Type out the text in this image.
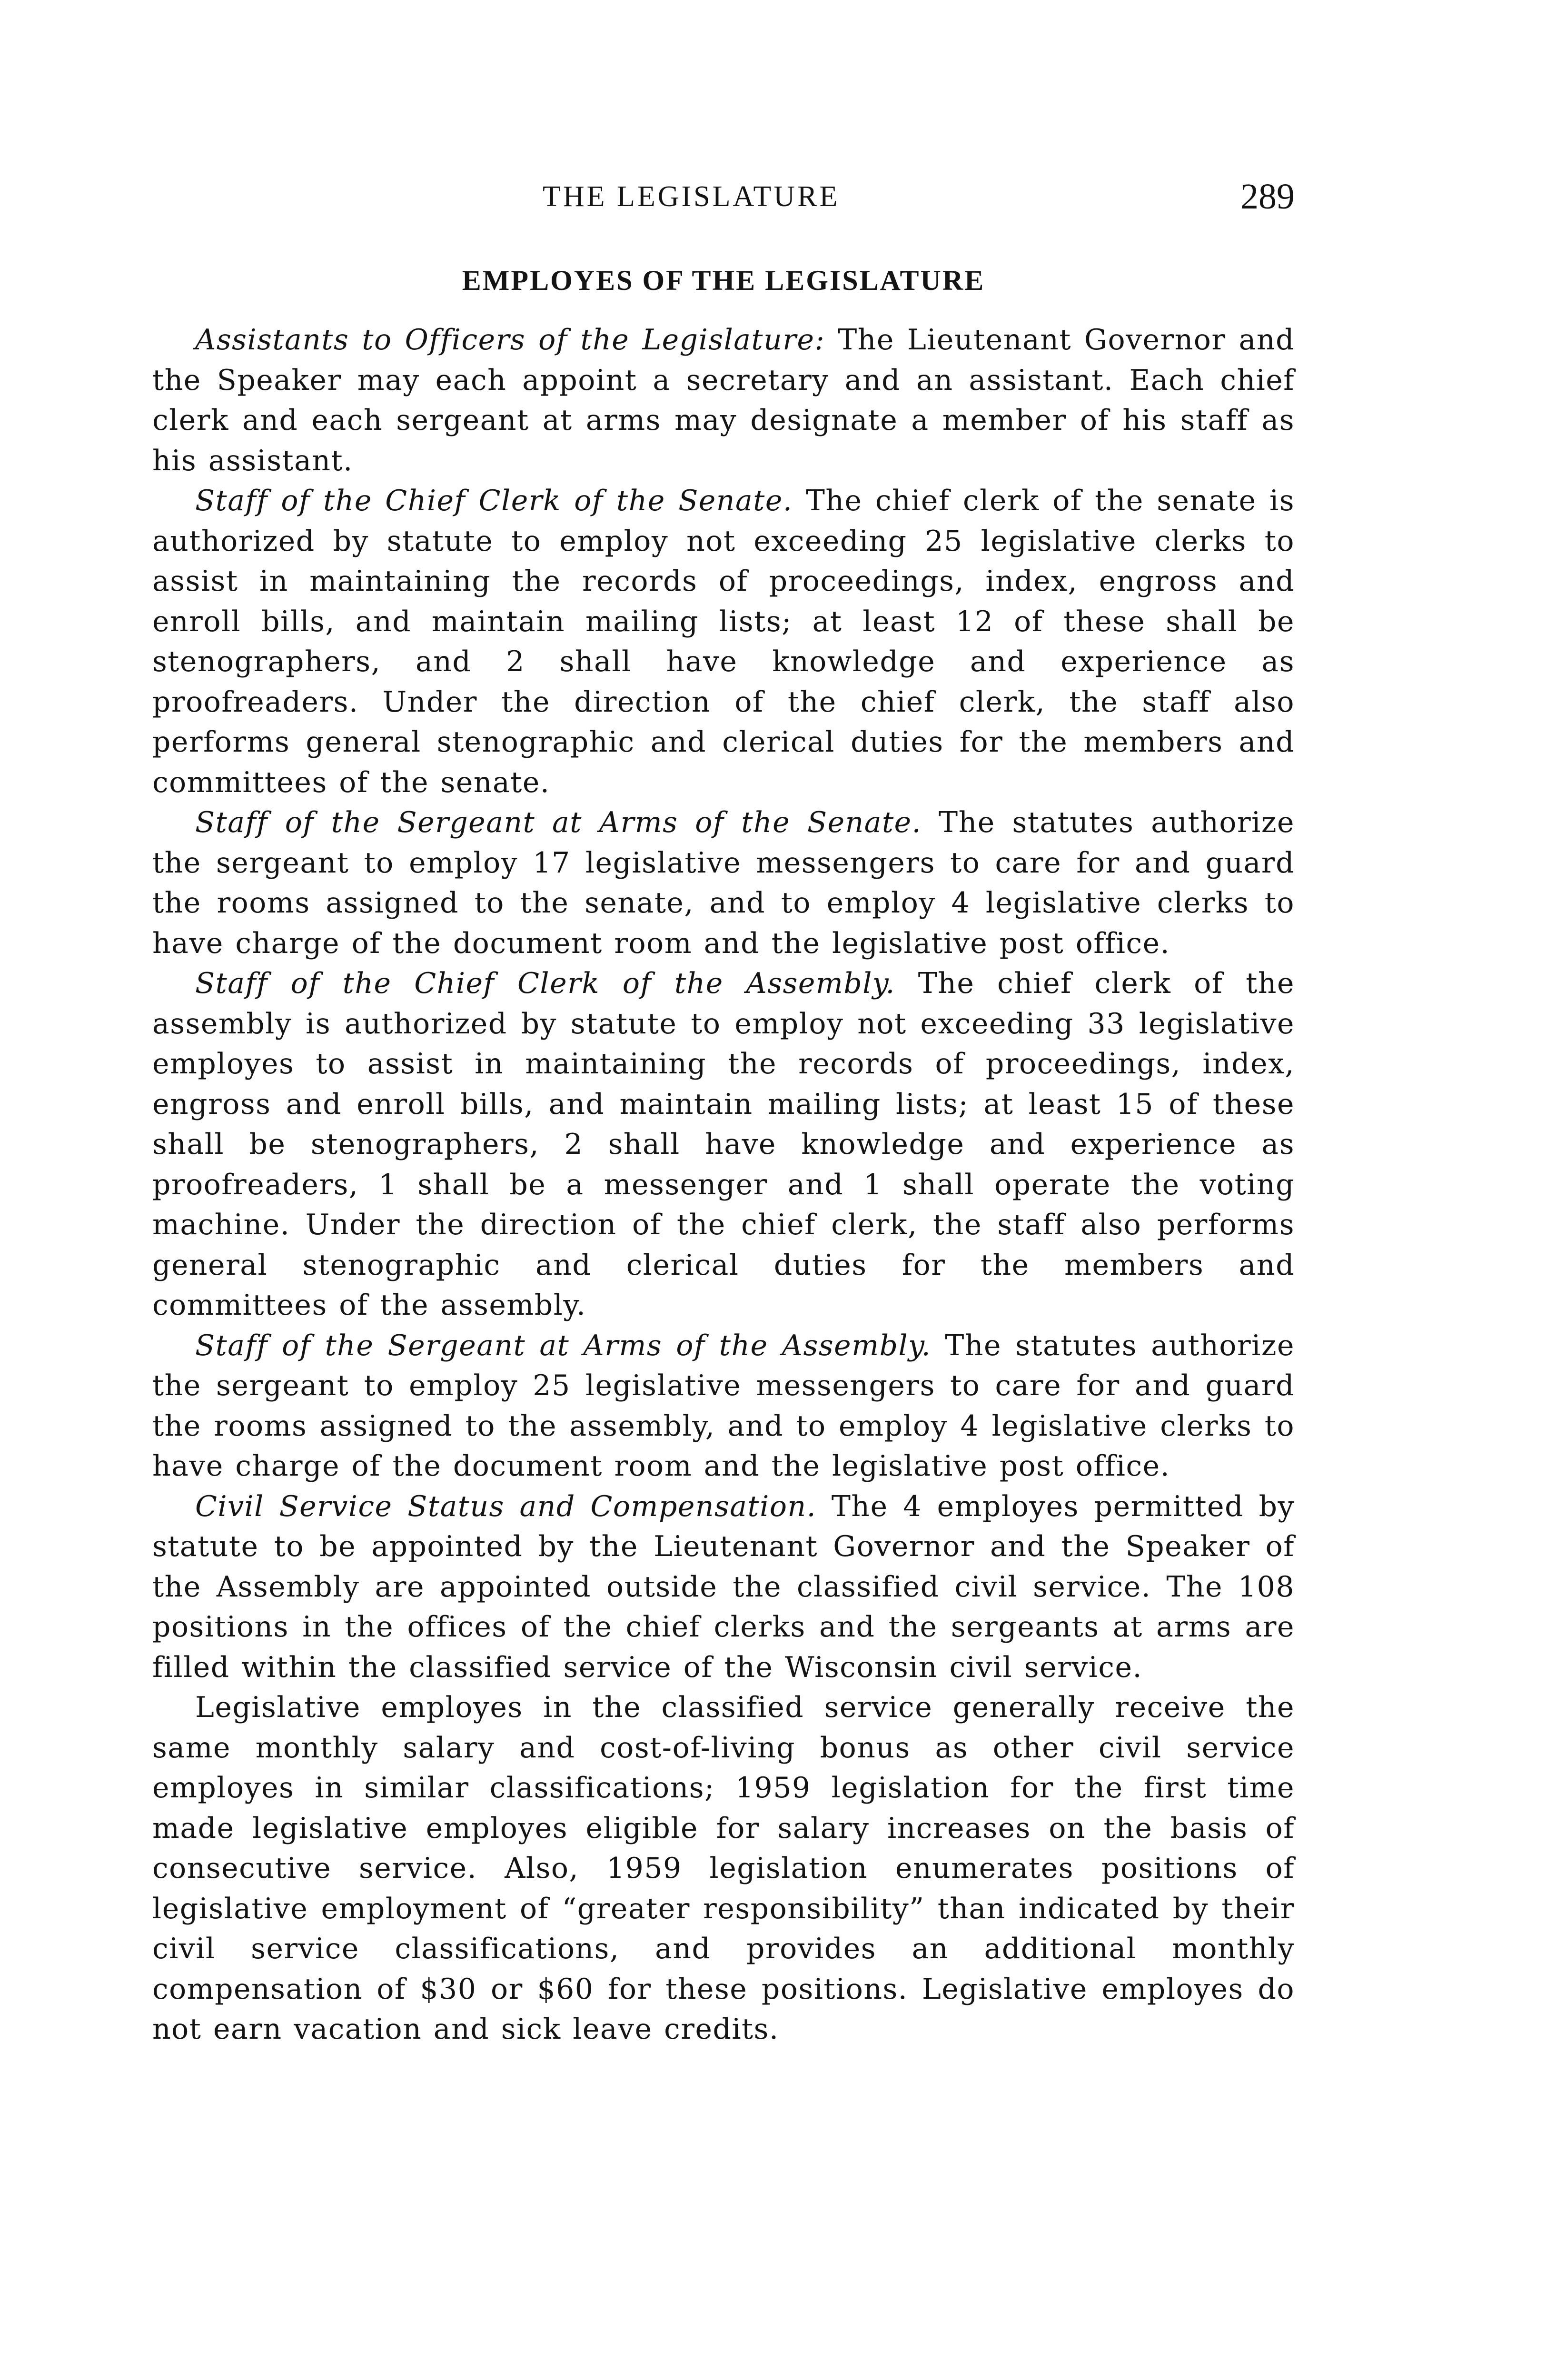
THE LEGISLATURE	289
EMPLOYES OF THE LEGISLATURE

Assistants to Officers of the Legislature: The Lieutenant Governor and the Speaker may each appoint a secretary and an assistant. Each chief clerk and each sergeant at arms may designate a member of his staff as his assistant.

Staff of the Chief Clerk of the Senate. The chief clerk of the senate is authorized by statute to employ not exceeding 25 legislative clerks to assist in maintaining the records of proceedings, index, engross and enroll bills, and maintain mailing lists; at least 12 of these shall be stenographers, and 2 shall have knowledge and experience as proofreaders. Under the direction of the chief clerk, the staff also performs general stenographic and clerical duties for the members and committees of the senate.

Staff of the Sergeant at Arms of the Senate. The statutes authorize the sergeant to employ 17 legislative messengers to care for and guard the rooms assigned to the senate, and to employ 4 legislative clerks to have charge of the document room and the legislative post office.

Staff of the Chief Clerk of the Assembly. The chief clerk of the assembly is authorized by statute to employ not exceeding 33 legislative employes to assist in maintaining the records of proceedings, index, engross and enroll bills, and maintain mailing lists; at least 15 of these shall be stenographers, 2 shall have knowledge and experience as proofreaders, 1 shall be a messenger and 1 shall operate the voting machine. Under the direction of the chief clerk, the staff also performs general stenographic and clerical duties for the members and committees of the assembly.

Staff of the Sergeant at Arms of the Assembly. The statutes authorize the sergeant to employ 25 legislative messengers to care for and guard the rooms assigned to the assembly, and to employ 4 legislative clerks to have charge of the document room and the legislative post office.

Civil Service Status and Compensation. The 4 employes permitted by statute to be appointed by the Lieutenant Governor and the Speaker of the Assembly are appointed outside the classified civil service. The 108 positions in the offices of the chief clerks and the sergeants at arms are filled within the classified service of the Wisconsin civil service.

Legislative employes in the classified service generally receive the same monthly salary and cost-of-living bonus as other civil service employes in similar classifications; 1959 legislation for the first time made legislative employes eligible for salary increases on the basis of consecutive service. Also, 1959 legislation enumerates positions of legislative employment of “greater responsibility” than indicated by their civil service classifications, and provides an additional monthly compensation of $30 or $60 for these positions. Legislative employes do not earn vacation and sick leave credits.
